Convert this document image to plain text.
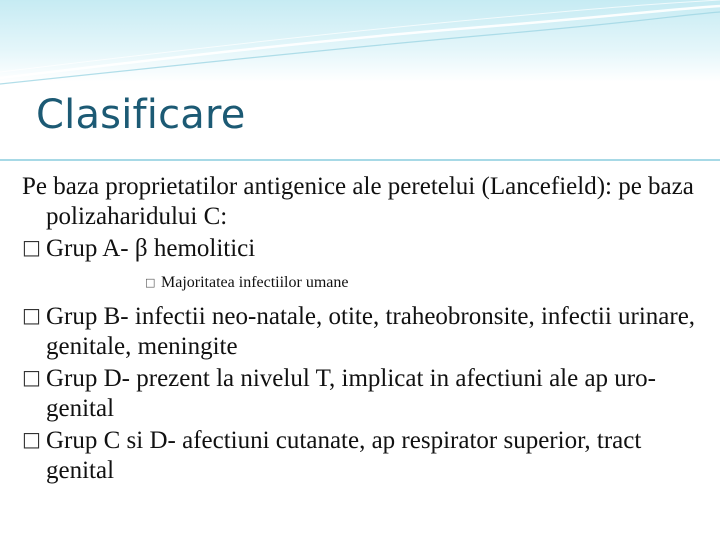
Clasificare
Pe baza proprietatilor antigenice ale peretelui (Lancefield): pe baza polizaharidului C:
□ Grup A- β hemolitici
□ Majoritatea infectiilor umane
□ Grup B- infectii neo-natale, otite, traheobronsite, infectii urinare, genitale, meningite
□ Grup D- prezent la nivelul T, implicat in afectiuni ale ap uro-genital
□ Grup C si D- afectiuni cutanate, ap respirator superior, tract genital
